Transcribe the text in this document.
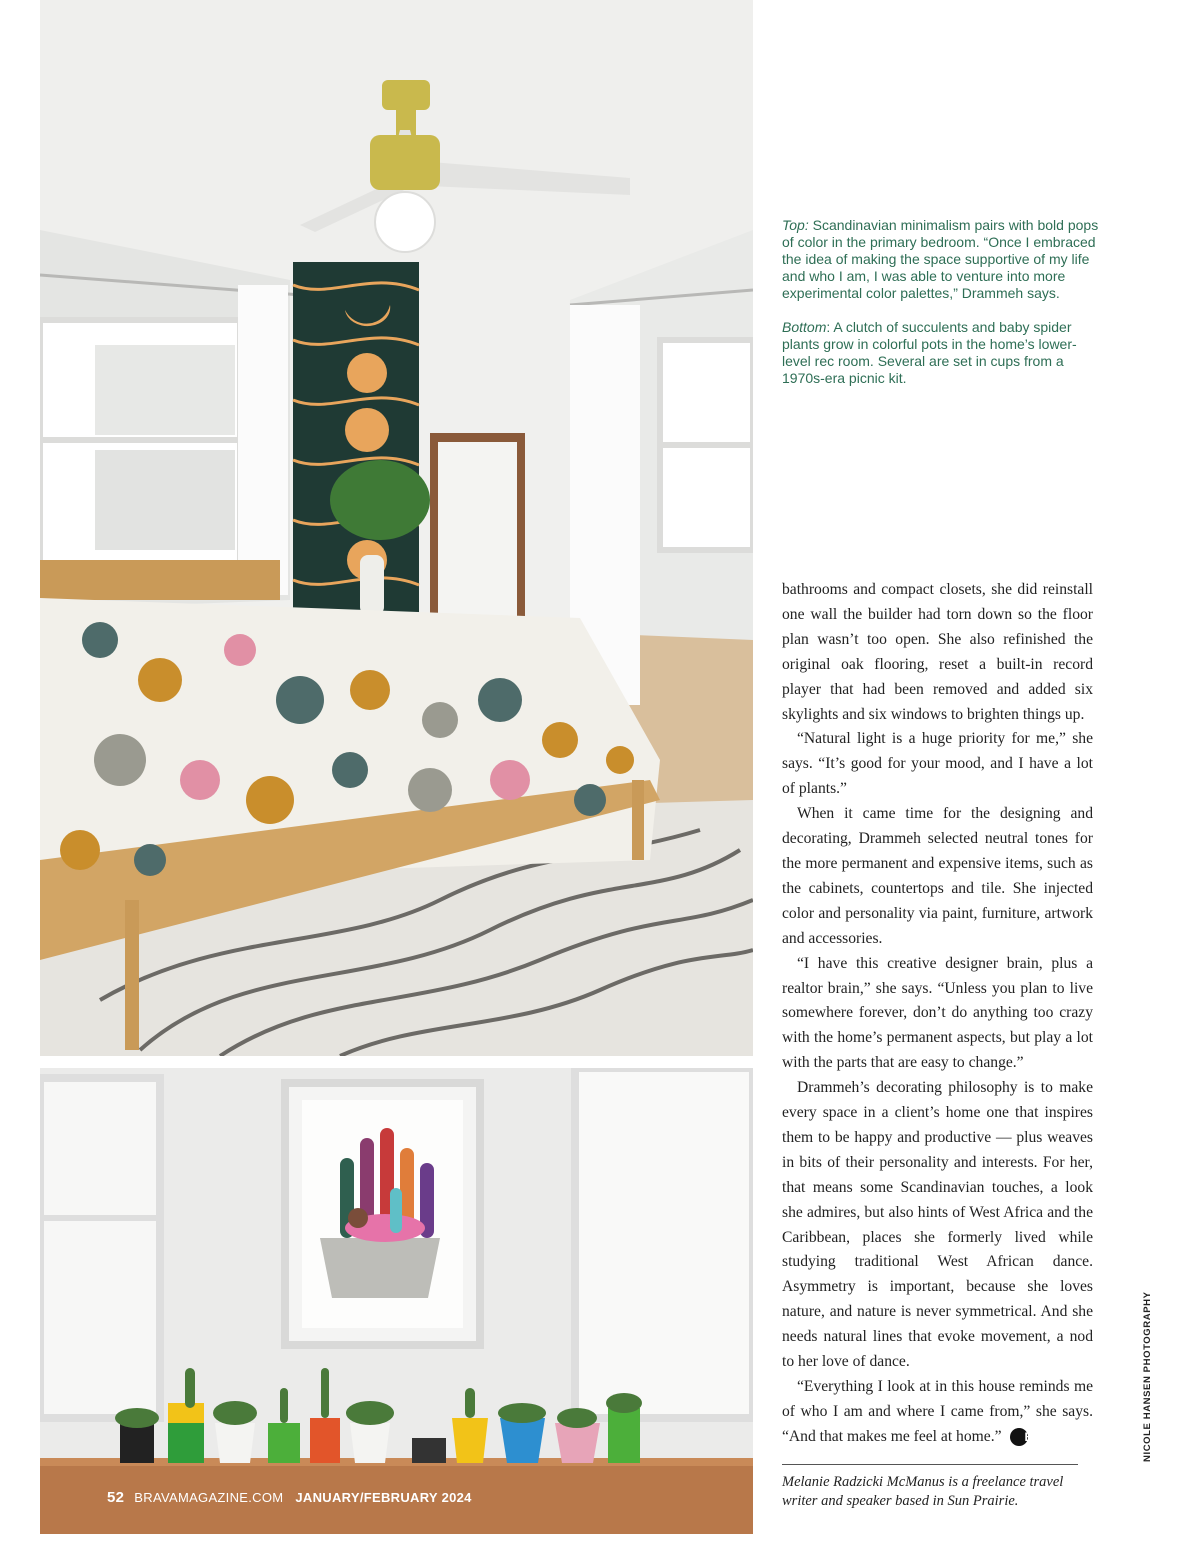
Top: Scandinavian minimalism pairs with bold pops of color in the primary bedroom. “Once I embraced the idea of making the space supportive of my life and who I am, I was able to venture into more experimental color palettes,” Drammeh says.

Bottom: A clutch of succulents and baby spider plants grow in colorful pots in the home’s lower-level rec room. Several are set in cups from a 1970s-era picnic kit.

bathrooms and compact closets, she did reinstall one wall the builder had torn down so the floor plan wasn’t too open. She also refinished the original oak flooring, reset a built-in record player that had been removed and added six skylights and six windows to brighten things up.

“Natural light is a huge priority for me,” she says. “It’s good for your mood, and I have a lot of plants.”

When it came time for the designing and decorating, Drammeh selected neutral tones for the more permanent and expensive items, such as the cabinets, countertops and tile. She injected color and personality via paint, furniture, artwork and accessories.

“I have this creative designer brain, plus a realtor brain,” she says. “Unless you plan to live somewhere forever, don’t do anything too crazy with the home’s permanent aspects, but play a lot with the parts that are easy to change.”

Drammeh’s decorating philosophy is to make every space in a client’s home one that inspires them to be happy and productive — plus weaves in bits of their personality and interests. For her, that means some Scandinavian touches, a look she admires, but also hints of West Africa and the Caribbean, places she formerly lived while studying traditional West African dance. Asymmetry is important, because she loves nature, and nature is never symmetrical. And she needs natural lines that evoke movement, a nod to her love of dance.

“Everything I look at in this house reminds me of who I am and where I came from,” she says. “And that makes me feel at home.” B

Melanie Radzicki McManus is a freelance travel writer and speaker based in Sun Prairie.
52 BRAVAMAGAZINE.COM JANUARY/FEBRUARY 2024
NICOLE HANSEN PHOTOGRAPHY
